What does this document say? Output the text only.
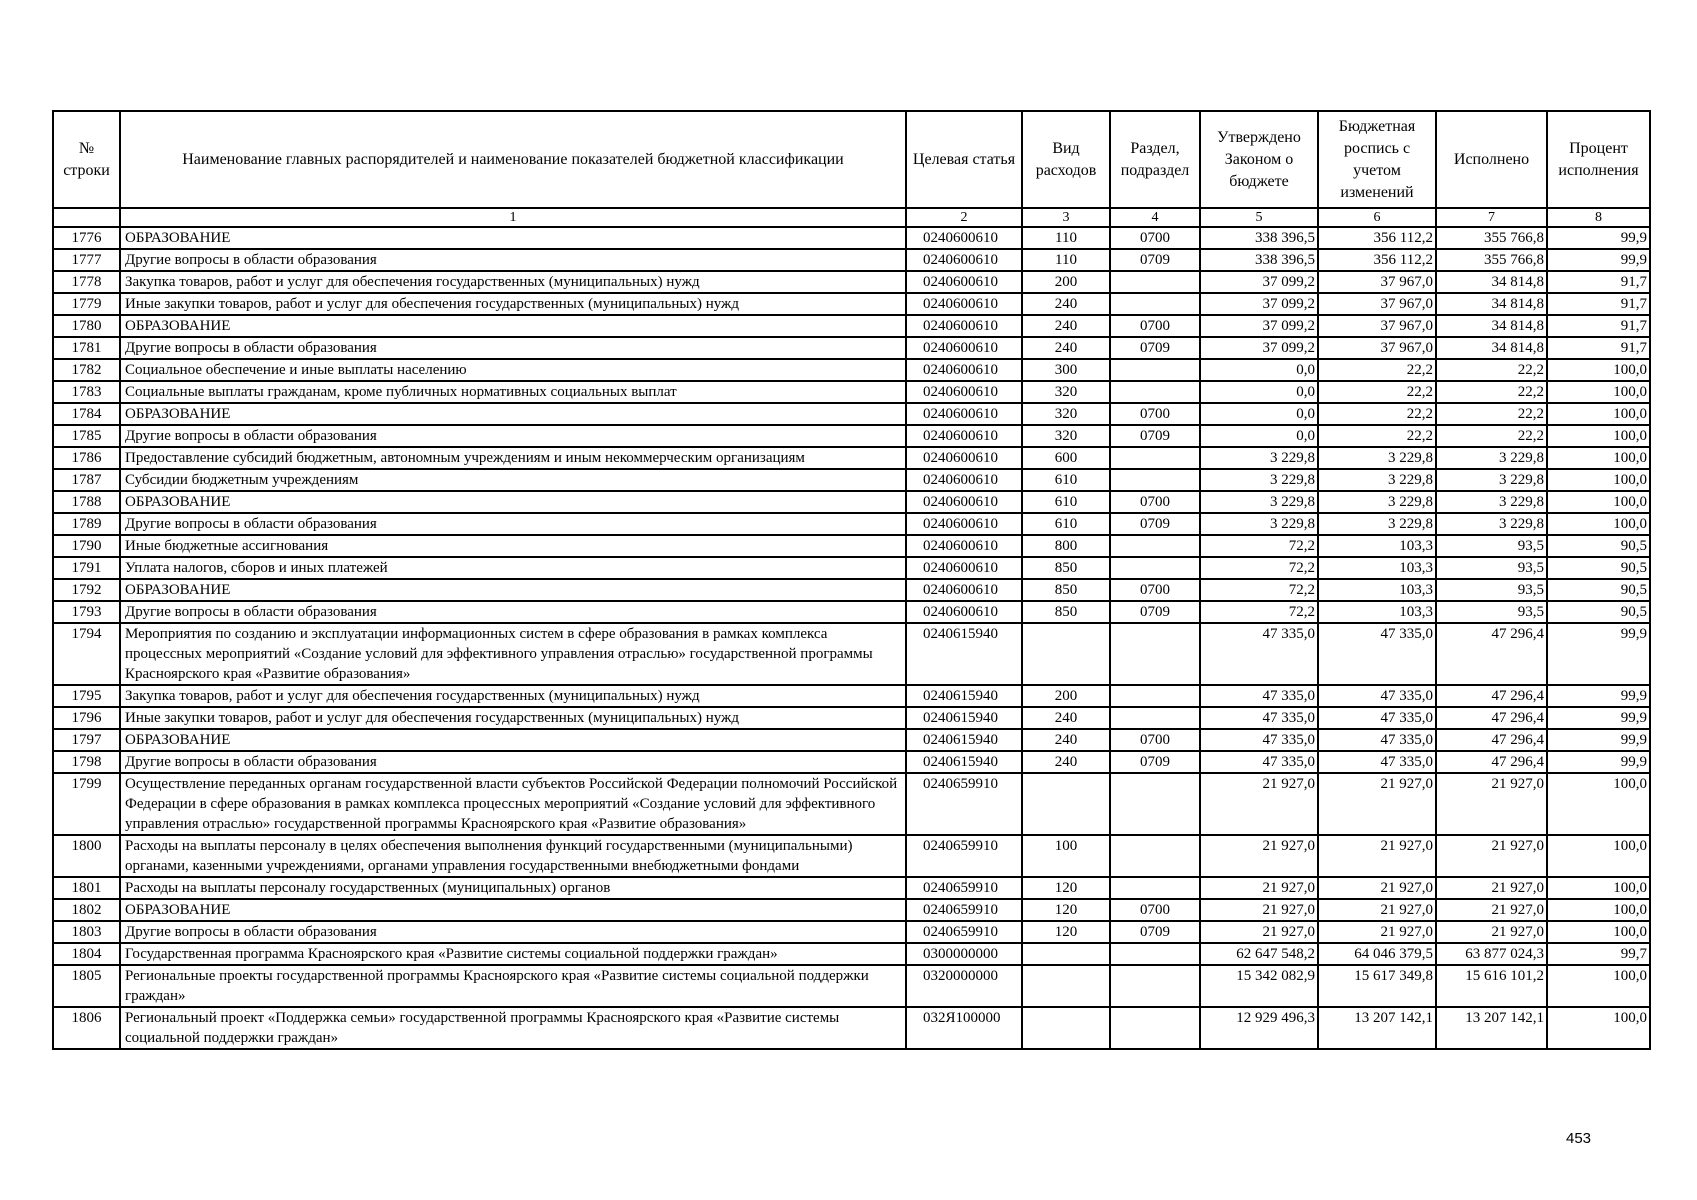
№ строки	Наименование главных распорядителей и наименование показателей бюджетной классификации	Целевая статья	Вид расходов	Раздел, подраздел	Утверждено Законом о бюджете	Бюджетная роспись с учетом изменений	Исполнено	Процент исполнения
	1	2	3	4	5	6	7	8
1776	ОБРАЗОВАНИЕ	0240600610	110	0700	338 396,5	356 112,2	355 766,8	99,9
1777	Другие вопросы в области образования	0240600610	110	0709	338 396,5	356 112,2	355 766,8	99,9
1778	Закупка товаров, работ и услуг для обеспечения государственных (муниципальных) нужд	0240600610	200		37 099,2	37 967,0	34 814,8	91,7
1779	Иные закупки товаров, работ и услуг для обеспечения государственных (муниципальных) нужд	0240600610	240		37 099,2	37 967,0	34 814,8	91,7
1780	ОБРАЗОВАНИЕ	0240600610	240	0700	37 099,2	37 967,0	34 814,8	91,7
1781	Другие вопросы в области образования	0240600610	240	0709	37 099,2	37 967,0	34 814,8	91,7
1782	Социальное обеспечение и иные выплаты населению	0240600610	300		0,0	22,2	22,2	100,0
1783	Социальные выплаты гражданам, кроме публичных нормативных социальных выплат	0240600610	320		0,0	22,2	22,2	100,0
1784	ОБРАЗОВАНИЕ	0240600610	320	0700	0,0	22,2	22,2	100,0
1785	Другие вопросы в области образования	0240600610	320	0709	0,0	22,2	22,2	100,0
1786	Предоставление субсидий бюджетным, автономным учреждениям и иным некоммерческим организациям	0240600610	600		3 229,8	3 229,8	3 229,8	100,0
1787	Субсидии бюджетным учреждениям	0240600610	610		3 229,8	3 229,8	3 229,8	100,0
1788	ОБРАЗОВАНИЕ	0240600610	610	0700	3 229,8	3 229,8	3 229,8	100,0
1789	Другие вопросы в области образования	0240600610	610	0709	3 229,8	3 229,8	3 229,8	100,0
1790	Иные бюджетные ассигнования	0240600610	800		72,2	103,3	93,5	90,5
1791	Уплата налогов, сборов и иных платежей	0240600610	850		72,2	103,3	93,5	90,5
1792	ОБРАЗОВАНИЕ	0240600610	850	0700	72,2	103,3	93,5	90,5
1793	Другие вопросы в области образования	0240600610	850	0709	72,2	103,3	93,5	90,5
1794	Мероприятия по созданию и эксплуатации информационных систем в сфере образования в рамках комплекса процессных мероприятий «Создание условий для эффективного управления отраслью» государственной программы Красноярского края «Развитие образования»	0240615940			47 335,0	47 335,0	47 296,4	99,9
1795	Закупка товаров, работ и услуг для обеспечения государственных (муниципальных) нужд	0240615940	200		47 335,0	47 335,0	47 296,4	99,9
1796	Иные закупки товаров, работ и услуг для обеспечения государственных (муниципальных) нужд	0240615940	240		47 335,0	47 335,0	47 296,4	99,9
1797	ОБРАЗОВАНИЕ	0240615940	240	0700	47 335,0	47 335,0	47 296,4	99,9
1798	Другие вопросы в области образования	0240615940	240	0709	47 335,0	47 335,0	47 296,4	99,9
1799	Осуществление переданных органам государственной власти субъектов Российской Федерации полномочий Российской Федерации в сфере образования в рамках комплекса процессных мероприятий «Создание условий для эффективного управления отраслью» государственной программы Красноярского края «Развитие образования»	0240659910			21 927,0	21 927,0	21 927,0	100,0
1800	Расходы на выплаты персоналу в целях обеспечения выполнения функций государственными (муниципальными) органами, казенными учреждениями, органами управления государственными внебюджетными фондами	0240659910	100		21 927,0	21 927,0	21 927,0	100,0
1801	Расходы на выплаты персоналу государственных (муниципальных) органов	0240659910	120		21 927,0	21 927,0	21 927,0	100,0
1802	ОБРАЗОВАНИЕ	0240659910	120	0700	21 927,0	21 927,0	21 927,0	100,0
1803	Другие вопросы в области образования	0240659910	120	0709	21 927,0	21 927,0	21 927,0	100,0
1804	Государственная программа Красноярского края «Развитие системы социальной поддержки граждан»	0300000000			62 647 548,2	64 046 379,5	63 877 024,3	99,7
1805	Региональные проекты государственной программы Красноярского края «Развитие системы социальной поддержки граждан»	0320000000			15 342 082,9	15 617 349,8	15 616 101,2	100,0
1806	Региональный проект «Поддержка семьи» государственной программы Красноярского края «Развитие системы социальной поддержки граждан»	032Я100000			12 929 496,3	13 207 142,1	13 207 142,1	100,0
453
